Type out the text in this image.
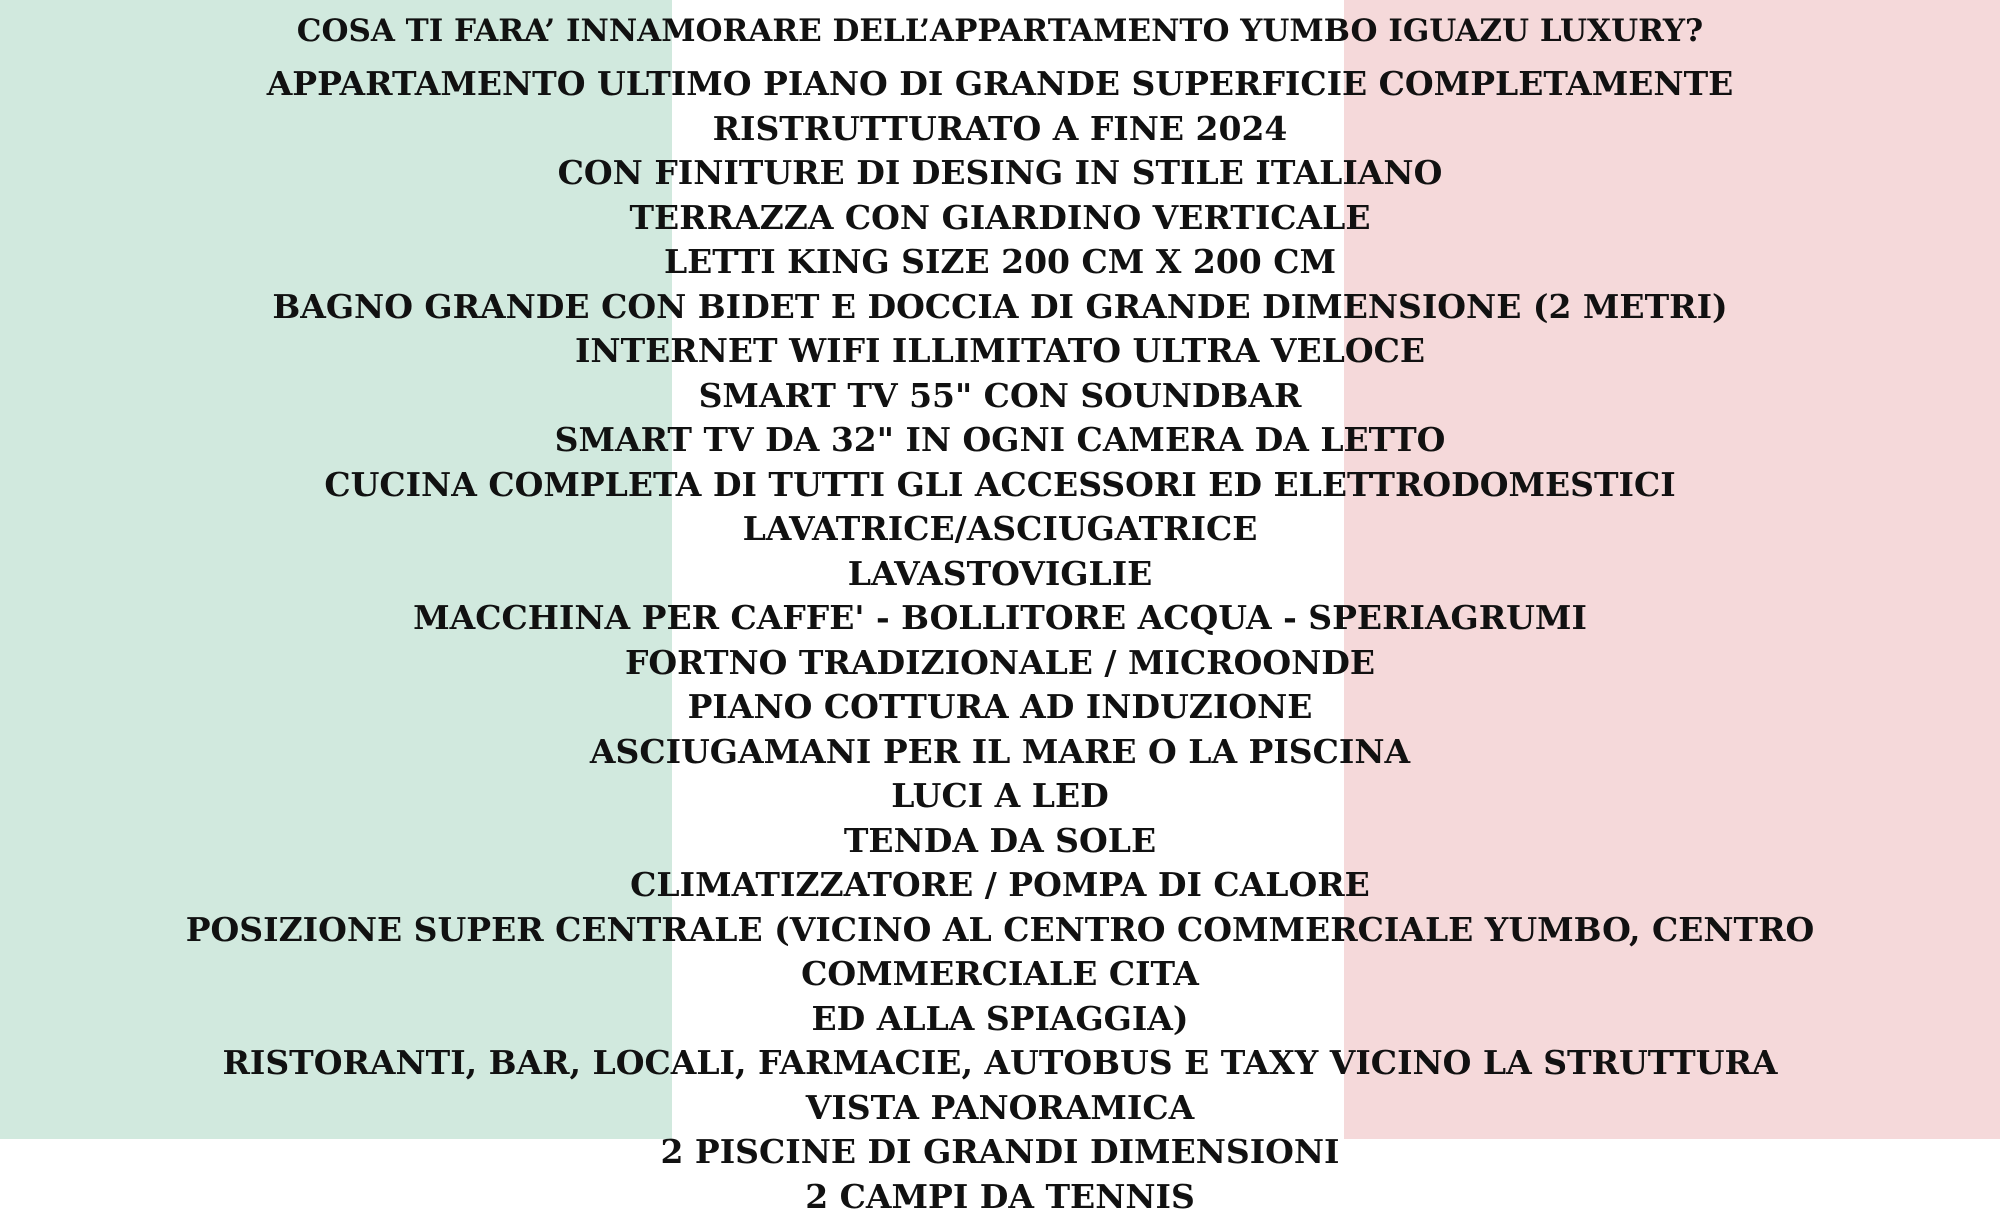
COSA TI FARA’ INNAMORARE DELL’APPARTAMENTO YUMBO IGUAZU LUXURY?
APPARTAMENTO ULTIMO PIANO DI GRANDE SUPERFICIE COMPLETAMENTE RISTRUTTURATO A FINE 2024
CON FINITURE DI DESING IN STILE ITALIANO
TERRAZZA CON GIARDINO VERTICALE
LETTI KING SIZE 200 CM X 200 CM
BAGNO GRANDE CON BIDET E DOCCIA DI GRANDE DIMENSIONE (2 METRI)
INTERNET WIFI ILLIMITATO ULTRA VELOCE
SMART TV 55" CON SOUNDBAR
SMART TV DA 32" IN OGNI CAMERA DA LETTO
CUCINA COMPLETA DI TUTTI GLI ACCESSORI ED ELETTRODOMESTICI
LAVATRICE/ASCIUGATRICE
LAVASTOVIGLIE
MACCHINA PER CAFFE' - BOLLITORE ACQUA - SPERIAGRUMI
FORTNO TRADIZIONALE / MICROONDE
PIANO COTTURA AD INDUZIONE
ASCIUGAMANI PER IL MARE O LA PISCINA
LUCI A LED
TENDA DA SOLE
CLIMATIZZATORE / POMPA DI CALORE
POSIZIONE SUPER CENTRALE (VICINO AL CENTRO COMMERCIALE YUMBO, CENTRO COMMERCIALE CITA
ED ALLA SPIAGGIA)
RISTORANTI, BAR, LOCALI, FARMACIE, AUTOBUS E TAXY VICINO LA STRUTTURA
VISTA PANORAMICA
2 PISCINE DI GRANDI DIMENSIONI
2 CAMPI DA TENNIS
